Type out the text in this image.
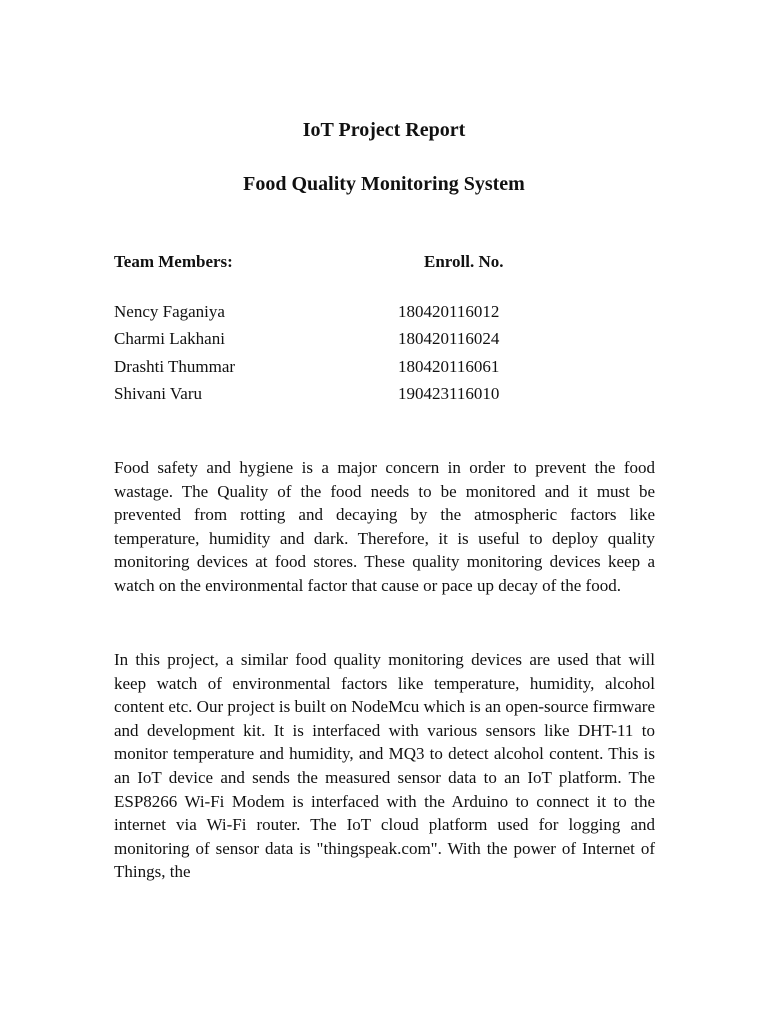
IoT Project Report
Food Quality Monitoring System
Team Members:	Enroll. No.
Nency Faganiya	180420116012
Charmi Lakhani	180420116024
Drashti Thummar	180420116061
Shivani Varu	190423116010

Food safety and hygiene is a major concern in order to prevent the food wastage. The Quality of the food needs to be monitored and it must be prevented from rotting and decaying by the atmospheric factors like temperature, humidity and dark. Therefore, it is useful to deploy quality monitoring devices at food stores. These quality monitoring devices keep a watch on the environmental factor that cause or pace up decay of the food.

In this project, a similar food quality monitoring devices are used that will keep watch of environmental factors like temperature, humidity, alcohol content etc. Our project is built on NodeMcu which is an open-source firmware and development kit. It is interfaced with various sensors like DHT-11 to monitor temperature and humidity, and MQ3 to detect alcohol content. This is an IoT device and sends the measured sensor data to an IoT platform. The ESP8266 Wi-Fi Modem is interfaced with the Arduino to connect it to the internet via Wi-Fi router. The IoT cloud platform used for logging and monitoring of sensor data is "thingspeak.com". With the power of Internet of Things, the
